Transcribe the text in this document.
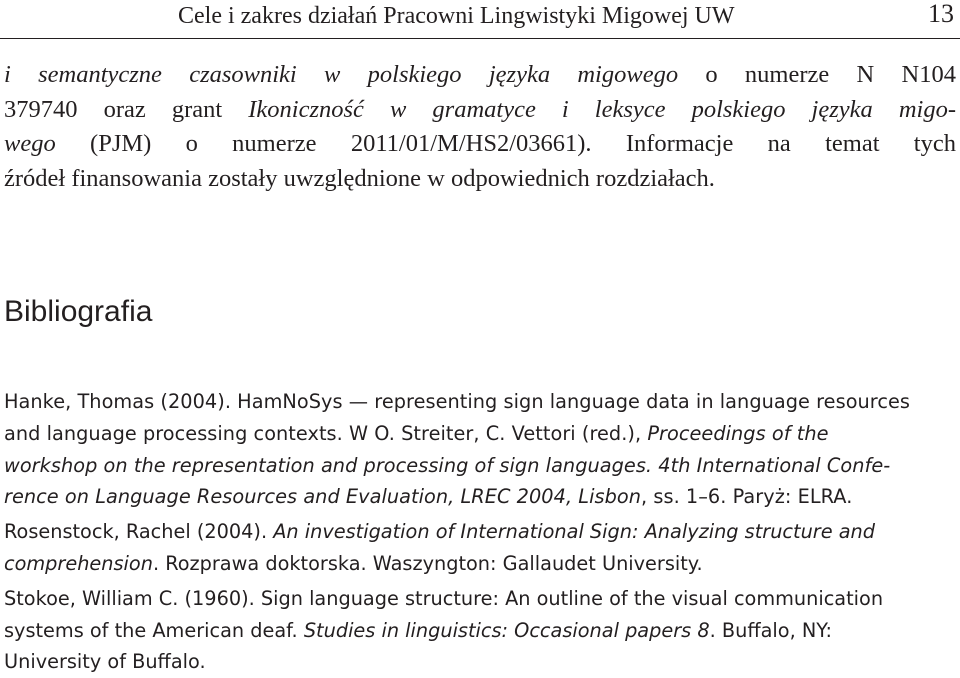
Cele i zakres działań Pracowni Lingwistyki Migowej UW	13

i semantyczne czasowniki w polskiego języka migowego o numerze N N104
379740 oraz grant Ikoniczność w gramatyce i leksyce polskiego języka migo-
wego (PJM) o numerze 2011/01/M/HS2/03661). Informacje na temat tych
źródeł finansowania zostały uwzględnione w odpowiednich rozdziałach.

Bibliografia
Hanke, Thomas (2004). HamNoSys — representing sign language data in language resources
and language processing contexts. W O. Streiter, C. Vettori (red.), Proceedings of the
workshop on the representation and processing of sign languages. 4th International Confe-
rence on Language Resources and Evaluation, LREC 2004, Lisbon, ss. 1–6. Paryż: ELRA.
Rosenstock, Rachel (2004). An investigation of International Sign: Analyzing structure and
comprehension. Rozprawa doktorska. Waszyngton: Gallaudet University.
Stokoe, William C. (1960). Sign language structure: An outline of the visual communication
systems of the American deaf. Studies in linguistics: Occasional papers 8. Buffalo, NY:
University of Buffalo.
